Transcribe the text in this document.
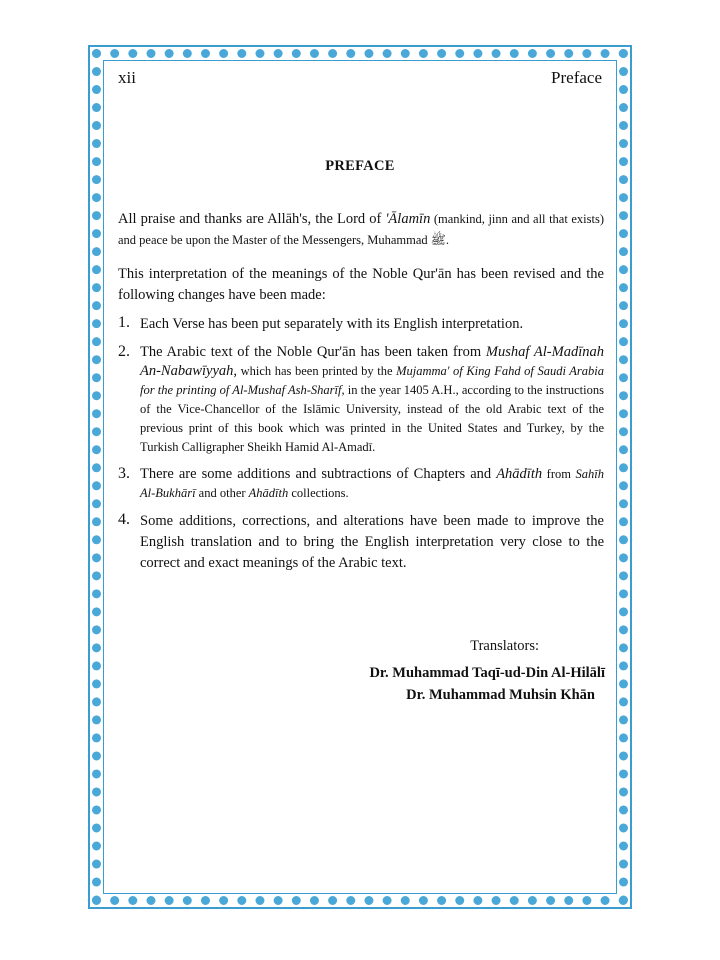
xii	Preface
PREFACE

All praise and thanks are Allāh's, the Lord of 'Ālamīn (mankind, jinn and all that exists) and peace be upon the Master of the Messengers, Muhammad ﷺ.

This interpretation of the meanings of the Noble Qur'ān has been revised and the following changes have been made:

1. Each Verse has been put separately with its English interpretation.

2. The Arabic text of the Noble Qur'ān has been taken from Mushaf Al-Madīnah An-Nabawīyyah, which has been printed by the Mujamma' of King Fahd of Saudi Arabia for the printing of Al-Mushaf Ash-Sharīf, in the year 1405 A.H., according to the instructions of the Vice-Chancellor of the Islāmic University, instead of the old Arabic text of the previous print of this book which was printed in the United States and Turkey, by the Turkish Calligrapher Sheikh Hamid Al-Amadī.

3. There are some additions and subtractions of Chapters and Ahādīth from Sahīh Al-Bukhārī and other Ahādīth collections.

4. Some additions, corrections, and alterations have been made to improve the English translation and to bring the English interpretation very close to the correct and exact meanings of the Arabic text.

Translators:
Dr. Muhammad Taqī-ud-Din Al-Hilālī
Dr. Muhammad Muhsin Khān
